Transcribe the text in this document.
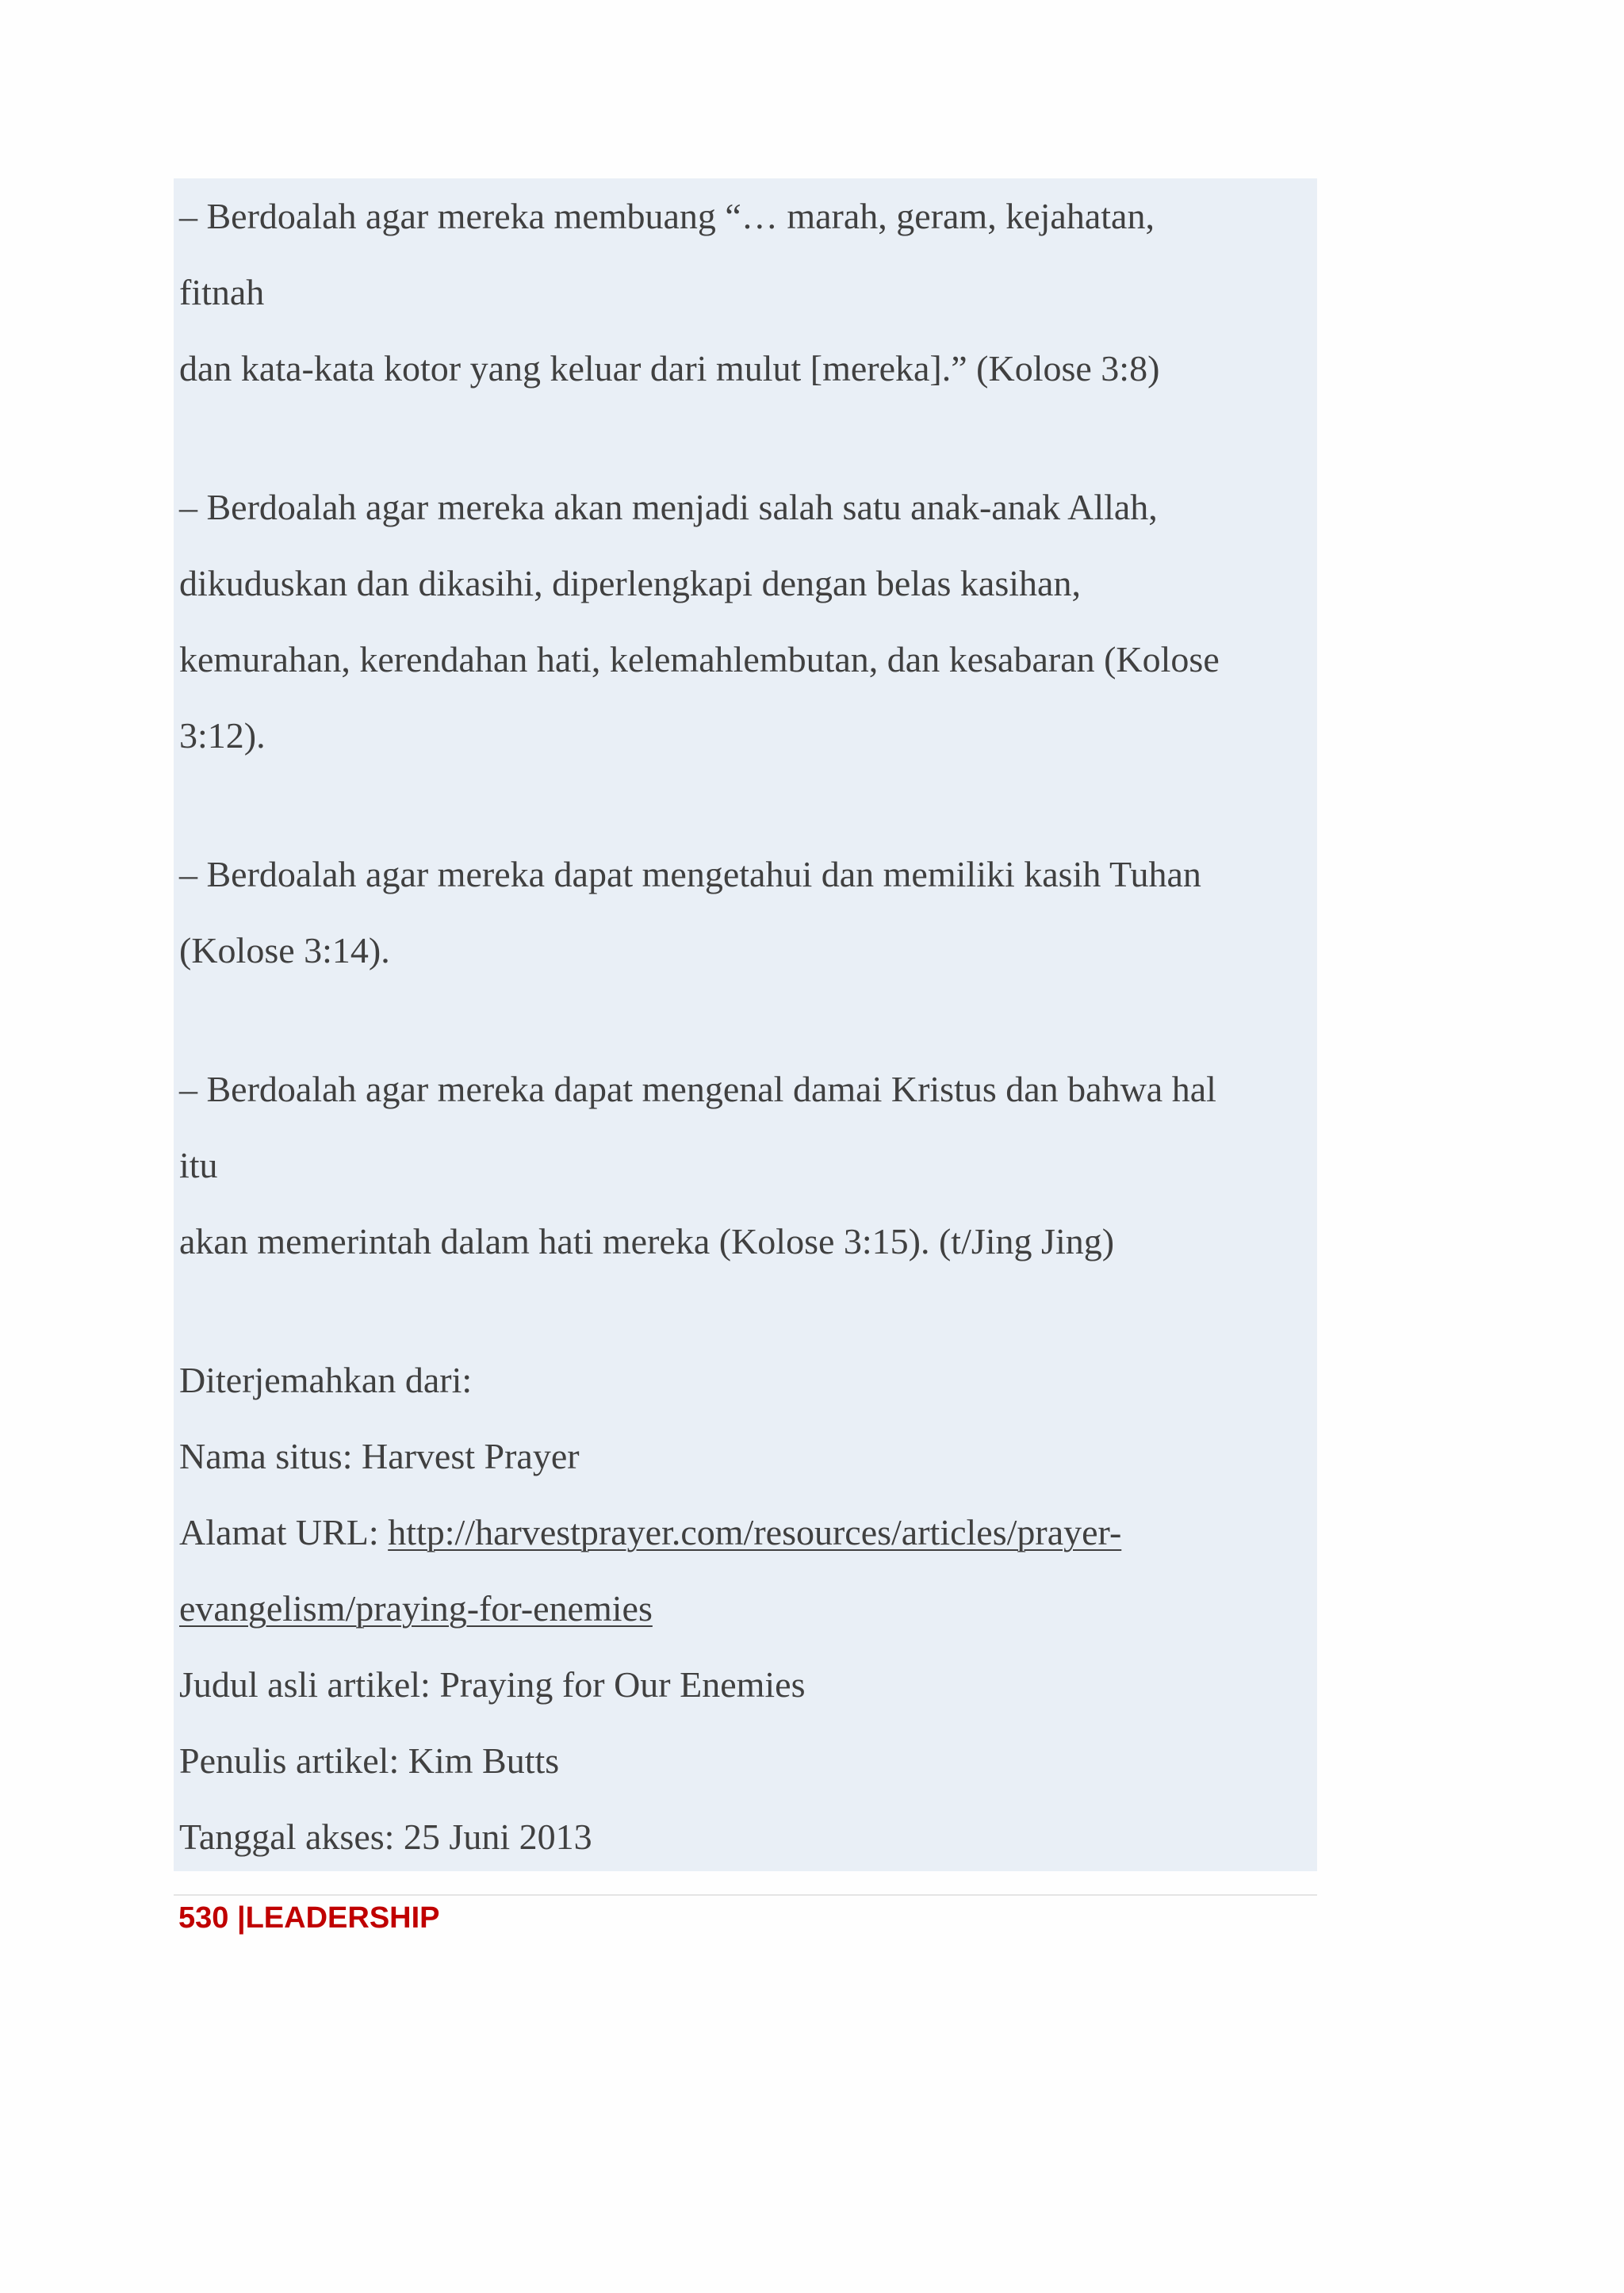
– Berdoalah agar mereka membuang “… marah, geram, kejahatan,
fitnah
dan kata-kata kotor yang keluar dari mulut [mereka].” (Kolose 3:8)
– Berdoalah agar mereka akan menjadi salah satu anak-anak Allah,
dikuduskan dan dikasihi, diperlengkapi dengan belas kasihan,
kemurahan, kerendahan hati, kelemahlembutan, dan kesabaran (Kolose
3:12).
– Berdoalah agar mereka dapat mengetahui dan memiliki kasih Tuhan
(Kolose 3:14).
– Berdoalah agar mereka dapat mengenal damai Kristus dan bahwa hal
itu
akan memerintah dalam hati mereka (Kolose 3:15). (t/Jing Jing)
Diterjemahkan dari:
Nama situs: Harvest Prayer
Alamat URL: http://harvestprayer.com/resources/articles/prayer-
evangelism/praying-for-enemies
Judul asli artikel: Praying for Our Enemies
Penulis artikel: Kim Butts
Tanggal akses: 25 Juni 2013
530 |LEADERSHIP
